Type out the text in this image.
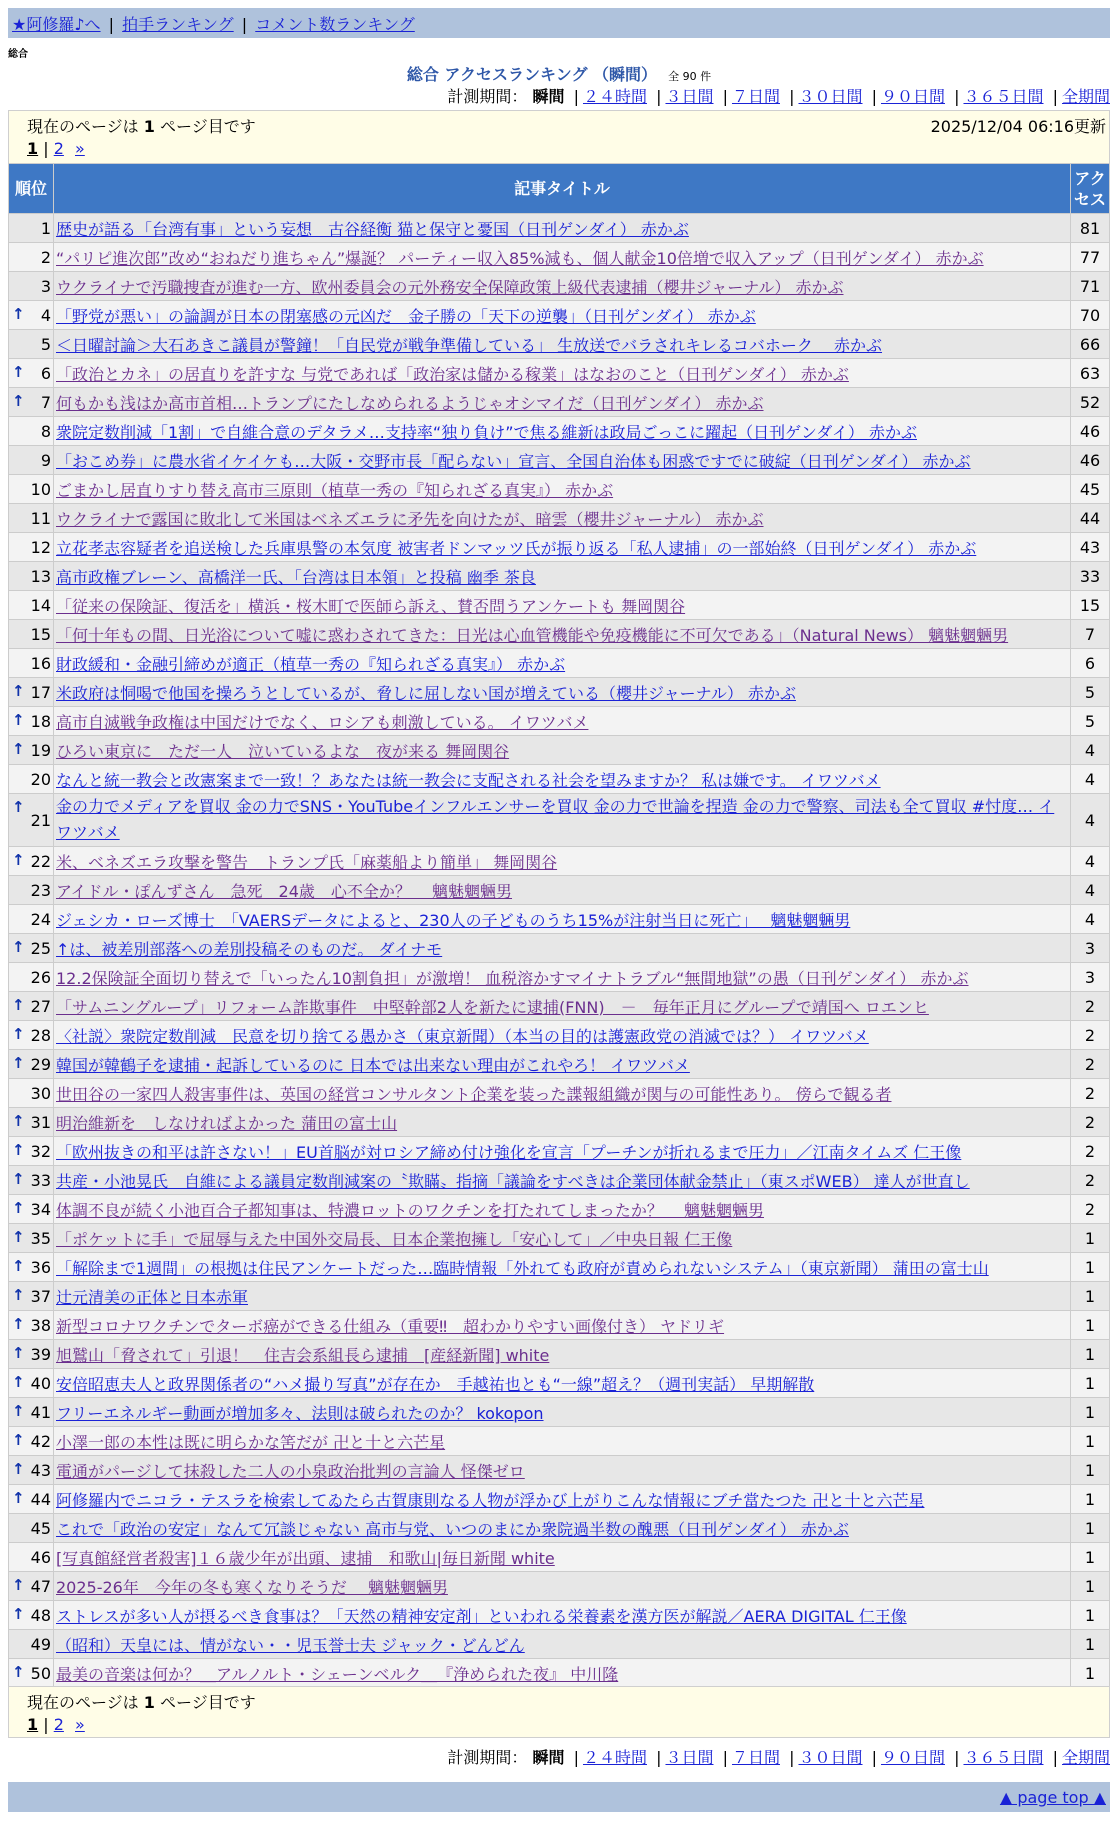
★阿修羅♪へ | 拍手ランキング | コメント数ランキング
総合
総合 アクセスランキング （瞬間） 全 90 件
計測期間： 瞬間 | ２４時間 | ３日間 | ７日間 | ３０日間 | ９０日間 | ３６５日間 | 全期間
現在のページは 1 ページ目です	2025/12/04 06:16更新
1 | 2 »
順位	記事タイトル	アクセス
1	歴史が語る「台湾有事」という妄想　古谷経衡 猫と保守と憂国（日刊ゲンダイ） 赤かぶ	81
2	“パリピ進次郎”改め“おねだり進ちゃん”爆誕？ パーティー収入85%減も、個人献金10倍増で収入アップ（日刊ゲンダイ） 赤かぶ	77
3	ウクライナで汚職捜査が進む一方、欧州委員会の元外務安全保障政策上級代表逮捕（櫻井ジャーナル） 赤かぶ	71

↑ 4	「野党が悪い」の論調が日本の閉塞感の元凶だ　金子勝の「天下の逆襲」（日刊ゲンダイ） 赤かぶ	70
5	＜日曜討論＞大石あきこ議員が警鐘！「自民党が戦争準備している」 生放送でバラされキレるコバホーク　 赤かぶ	66

↑ 6	「政治とカネ」の居直りを許すな 与党であれば「政治家は儲かる稼業」はなおのこと（日刊ゲンダイ） 赤かぶ	63

↑ 7	何もかも浅はか高市首相…トランプにたしなめられるようじゃオシマイだ（日刊ゲンダイ） 赤かぶ	52
8	衆院定数削減「1割」で自維合意のデタラメ…支持率“独り負け”で焦る維新は政局ごっこに躍起（日刊ゲンダイ） 赤かぶ	46
9	「おこめ券」に農水省イケイケも…大阪・交野市長「配らない」宣言、全国自治体も困惑ですでに破綻（日刊ゲンダイ） 赤かぶ	46
10	ごまかし居直りすり替え高市三原則（植草一秀の『知られざる真実』） 赤かぶ	45
11	ウクライナで露国に敗北して米国はベネズエラに矛先を向けたが、暗雲（櫻井ジャーナル） 赤かぶ	44
12	立花孝志容疑者を追送検した兵庫県警の本気度 被害者ドンマッツ氏が振り返る「私人逮捕」の一部始終（日刊ゲンダイ） 赤かぶ	43
13	高市政権ブレーン、高橋洋一氏、「台湾は日本領」と投稿 幽季 茶良	33
14	「従来の保険証、復活を」横浜・桜木町で医師ら訴え、賛否問うアンケートも 舞岡関谷	15
15	「何十年もの間、日光浴について嘘に惑わされてきた：日光は心血管機能や免疫機能に不可欠である」（Natural News） 魑魅魍魎男	7
16	財政緩和・金融引締めが適正（植草一秀の『知られざる真実』） 赤かぶ	6

↑ 17	米政府は恫喝で他国を操ろうとしているが、脅しに屈しない国が増えている（櫻井ジャーナル） 赤かぶ	5

↑ 18	高市自滅戦争政権は中国だけでなく、ロシアも刺激している。 イワツバメ	5

↑ 19	ひろい東京に　ただ一人　泣いているよな　夜が来る 舞岡関谷	4
20	なんと統一教会と改憲案まで一致！？あなたは統一教会に支配される社会を望みますか？ 私は嫌です。 イワツバメ	4

↑
21	金の力でメディアを買収 金の力でSNS・YouTubeインフルエンサーを買収 金の力で世論を捏造 金の力で警察、司法も全て買収 #忖度… イワツバメ	4

↑ 22	米、ベネズエラ攻撃を警告　トランプ氏「麻薬船より簡単」 舞岡関谷	4
23	アイドル・ぽんずさん　急死　24歳　心不全か？　 魑魅魍魎男	4
24	ジェシカ・ローズ博士　「VAERSデータによると、230人の子どものうち15%が注射当日に死亡」　 魑魅魍魎男	4

↑ 25	↑は、被差別部落への差別投稿そのものだ。 ダイナモ	3
26	12.2保険証全面切り替えで「いったん10割負担」が激増！ 血税溶かすマイナトラブル“無間地獄”の愚（日刊ゲンダイ） 赤かぶ	3

↑ 27	「サムニングループ」リフォーム詐欺事件　中堅幹部2人を新たに逮捕(FNN)　－　毎年正月にグループで靖国へ ロエンヒ	2

↑ 28	〈社説〉衆院定数削減　民意を切り捨てる愚かさ（東京新聞）（本当の目的は護憲政党の消滅では？） イワツバメ	2

↑ 29	韓国が韓鶴子を逮捕・起訴しているのに 日本では出来ない理由がこれやろ！ イワツバメ	2
30	世田谷の一家四人殺害事件は、英国の経営コンサルタント企業を装った諜報組織が関与の可能性あり。 傍らで観る者	2

↑ 31	明治維新を　しなければよかった 蒲田の富士山	2

↑ 32	「欧州抜きの和平は許さない！」EU首脳が対ロシア締め付け強化を宣言「プーチンが折れるまで圧力」／江南タイムズ 仁王像	2

↑ 33	共産・小池晃氏　自維による議員定数削減案の〝欺瞞〟指摘「議論をすべきは企業団体献金禁止」（東スポWEB） 達人が世直し	2

↑ 34	体調不良が続く小池百合子都知事は、特濃ロットのワクチンを打たれてしまったか？　 魑魅魍魎男	2

↑ 35	「ポケットに手」で屈辱与えた中国外交局長、日本企業抱擁し「安心して」／中央日報 仁王像	1

↑ 36	「解除まで1週間」の根拠は住民アンケートだった…臨時情報「外れても政府が責められないシステム」（東京新聞） 蒲田の富士山	1

↑ 37	辻元清美の正体と日本赤軍	1

↑ 38	新型コロナワクチンでターボ癌ができる仕組み（重要‼　超わかりやすい画像付き） ヤドリギ	1

↑ 39	旭鷲山「脅されて」引退！　住吉会系組長ら逮捕　[産経新聞] white	1

↑ 40	安倍昭恵夫人と政界関係者の“ハメ撮り写真”が存在か　手越祐也とも“一線”超え？（週刊実話） 早期解散	1

↑ 41	フリーエネルギー動画が増加多々、法則は破られたのか？ kokopon	1

↑ 42	小澤一郎の本性は既に明らかな筈だが 卍と十と六芒星	1

↑ 43	電通がパージして抹殺した二人の小泉政治批判の言論人 怪傑ゼロ	1

↑ 44	阿修羅内でニコラ・テスラを検索してゐたら古賀康則なる人物が浮かび上がりこんな情報にブチ當たつた 卍と十と六芒星	1
45	これで「政治の安定」なんて冗談じゃない 高市与党、いつのまにか衆院過半数の醜悪（日刊ゲンダイ） 赤かぶ	1
46	[写真館経営者殺害]１６歳少年が出頭、逮捕　和歌山|毎日新聞 white	1

↑ 47	2025-26年　今年の冬も寒くなりそうだ　 魑魅魍魎男	1

↑ 48	ストレスが多い人が摂るべき食事は？「天然の精神安定剤」といわれる栄養素を漢方医が解説／AERA DIGITAL 仁王像	1
49	（昭和）天皇には、情がない・・児玉誉士夫 ジャック・どんどん	1

↑ 50	最美の音楽は何か？＿アルノルト・シェーンベルク＿『浄められた夜』 中川隆	1
現在のページは 1 ページ目です
1 | 2 »
計測期間： 瞬間 | ２４時間 | ３日間 | ７日間 | ３０日間 | ９０日間 | ３６５日間 | 全期間
▲ page top ▲
